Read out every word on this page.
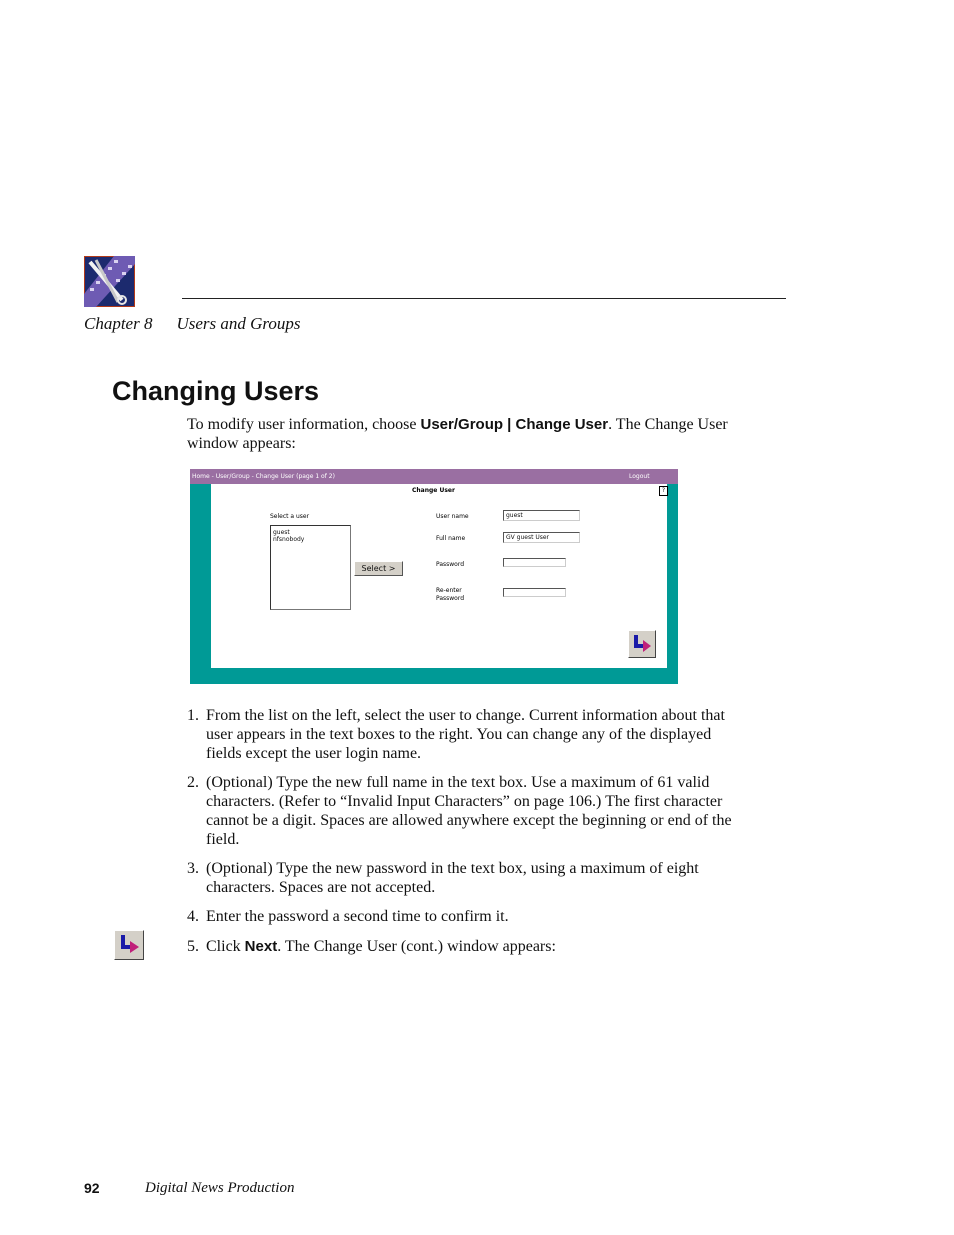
Chapter 8 Users and Groups
Changing Users
To modify user information, choose User/Group | Change User. The Change User window appears:
Home - User/Group - Change User (page 1 of 2)	Logout
Change User	?
Select a user
guest
nfsnobody
Select >
User name	guest
Full name	GV guest User
Password
Re-enter
Password
1. From the list on the left, select the user to change. Current information about that user appears in the text boxes to the right. You can change any of the displayed fields except the user login name.
2. (Optional) Type the new full name in the text box. Use a maximum of 61 valid characters. (Refer to “Invalid Input Characters” on page 106.) The first character cannot be a digit. Spaces are allowed anywhere except the beginning or end of the field.
3. (Optional) Type the new password in the text box, using a maximum of eight characters. Spaces are not accepted.
4. Enter the password a second time to confirm it.
5. Click Next. The Change User (cont.) window appears:
92	Digital News Production
